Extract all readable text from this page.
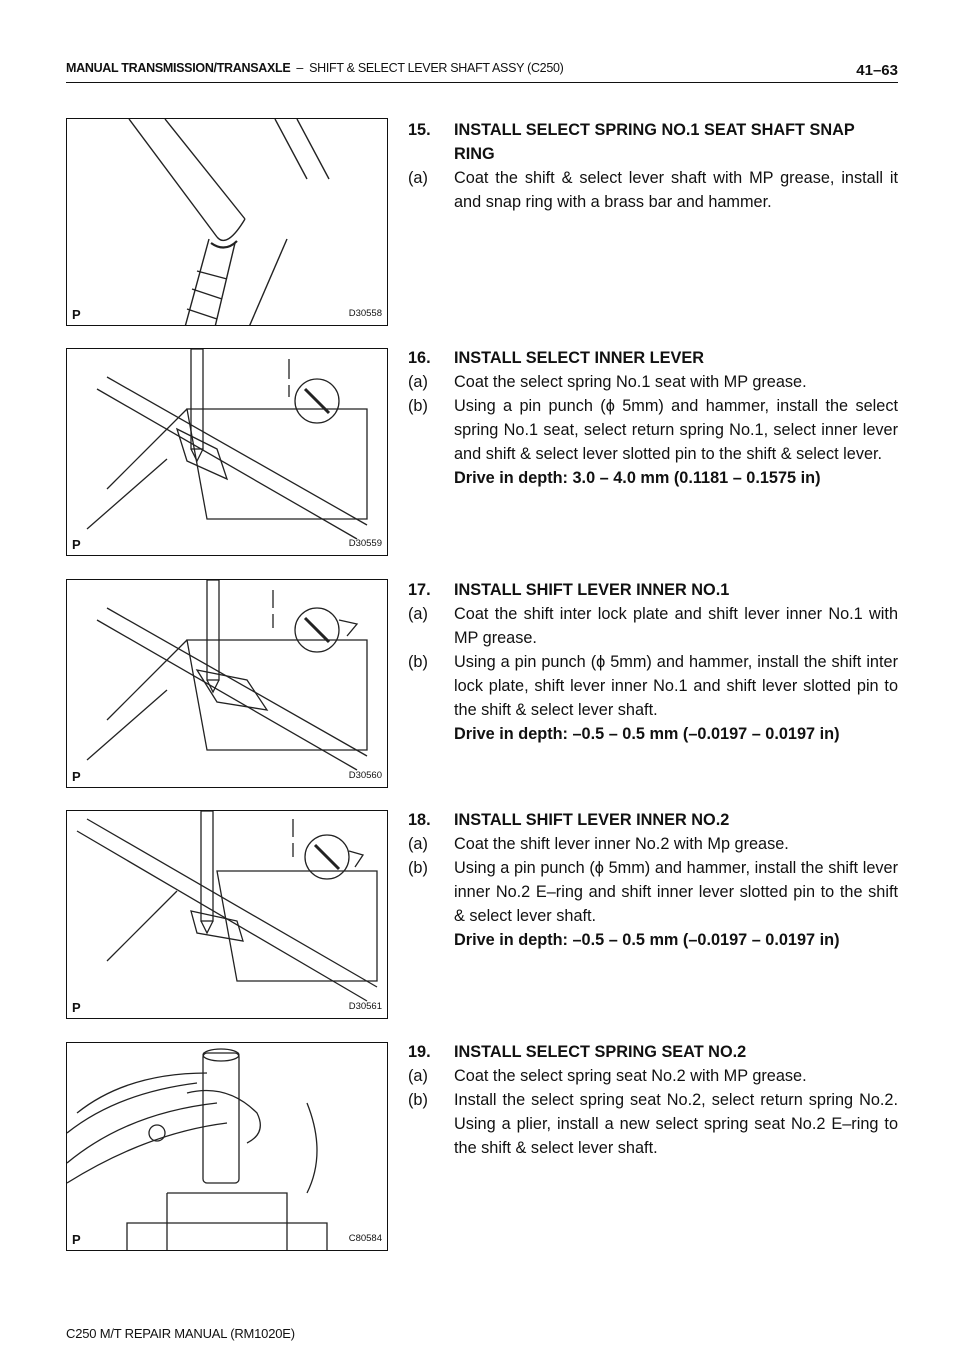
41–63
MANUAL TRANSMISSION/TRANSAXLE – SHIFT & SELECT LEVER SHAFT ASSY (C250)
P	D30558
P	D30559
P	D30560
P	D30561
P	C80584
15.	INSTALL SELECT SPRING NO.1 SEAT SHAFT SNAP RING
(a)	Coat the shift & select lever shaft with MP grease, install it and snap ring with a brass bar and hammer.
16.	INSTALL SELECT INNER LEVER
(a)	Coat the select spring No.1 seat with MP grease.
(b)	Using a pin punch (ϕ 5mm) and hammer, install the select spring No.1 seat, select return spring No.1, select inner lever and shift & select lever slotted pin to the shift & select lever.
Drive in depth: 3.0 – 4.0 mm (0.1181 – 0.1575 in)
17.	INSTALL SHIFT LEVER INNER NO.1
(a)	Coat the shift inter lock plate and shift lever inner No.1 with MP grease.
(b)	Using a pin punch (ϕ 5mm) and hammer, install the shift inter lock plate, shift lever inner No.1 and shift lever slotted pin to the shift & select lever shaft.
Drive in depth: –0.5 – 0.5 mm (–0.0197 – 0.0197 in)
18.	INSTALL SHIFT LEVER INNER NO.2
(a)	Coat the shift lever inner No.2 with Mp grease.
(b)	Using a pin punch (ϕ 5mm) and hammer, install the shift lever inner No.2 E–ring and shift inner lever slotted pin to the shift & select lever shaft.
Drive in depth: –0.5 – 0.5 mm (–0.0197 – 0.0197 in)
19.	INSTALL SELECT SPRING SEAT NO.2
(a)	Coat the select spring seat No.2 with MP grease.
(b)	Install the select spring seat No.2, select return spring No.2. Using a plier, install a new select spring seat No.2 E–ring to the shift & select lever shaft.
C250 M/T REPAIR MANUAL (RM1020E)
